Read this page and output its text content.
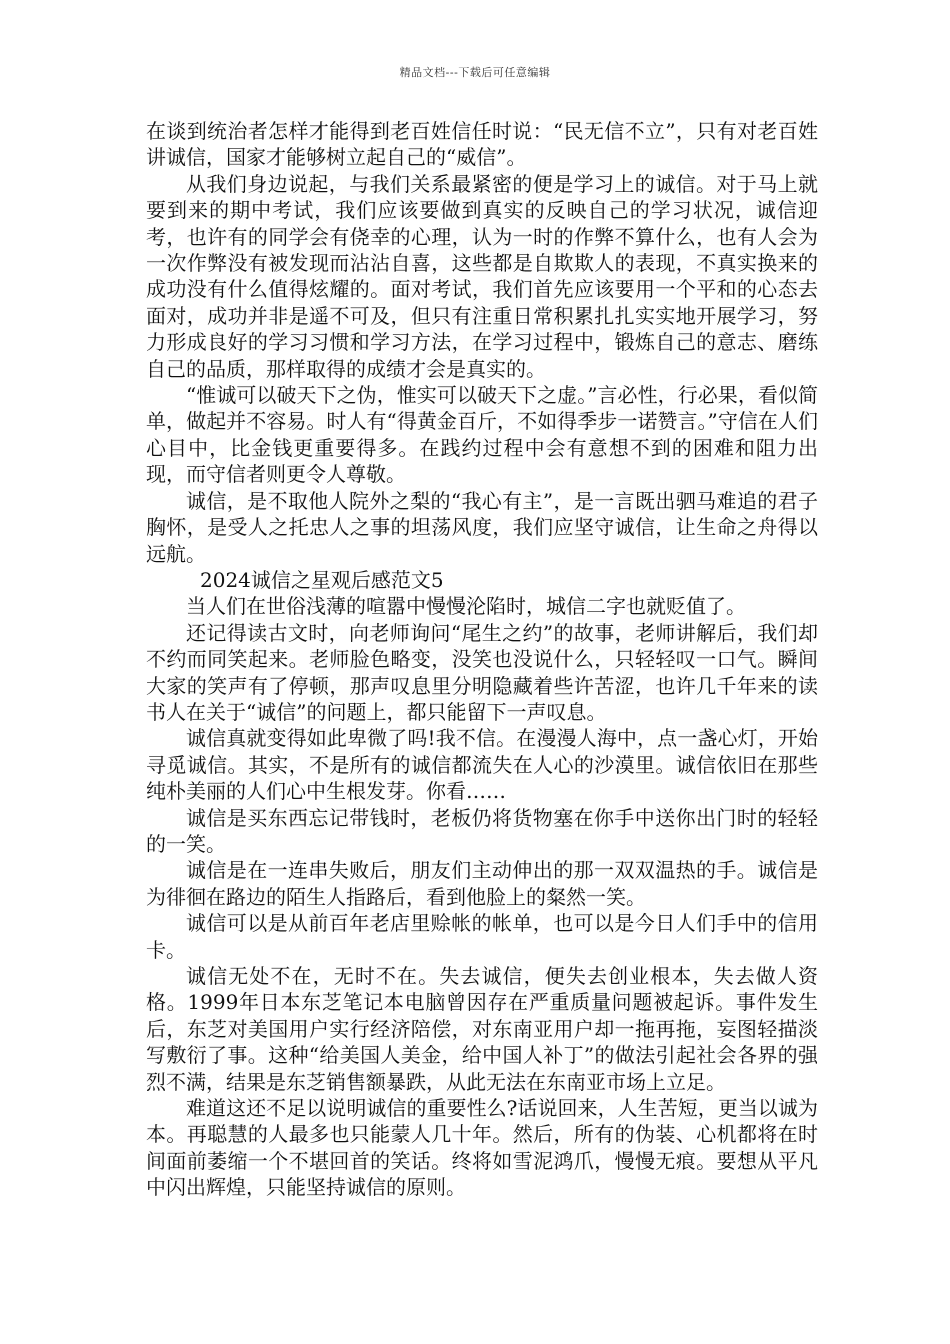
精品文档---下载后可任意编辑

在谈到统治者怎样才能得到老百姓信任时说：“民无信不立”，只有对老百姓讲诚信，国家才能够树立起自己的“威信”。

从我们身边说起，与我们关系最紧密的便是学习上的诚信。对于马上就要到来的期中考试，我们应该要做到真实的反映自己的学习状况，诚信迎考，也许有的同学会有侥幸的心理，认为一时的作弊不算什么，也有人会为一次作弊没有被发现而沾沾自喜，这些都是自欺欺人的表现，不真实换来的成功没有什么值得炫耀的。面对考试，我们首先应该要用一个平和的心态去面对，成功并非是遥不可及，但只有注重日常积累扎扎实实地开展学习，努力形成良好的学习习惯和学习方法，在学习过程中，锻炼自己的意志、磨练自己的品质，那样取得的成绩才会是真实的。

“惟诚可以破天下之伪，惟实可以破天下之虚。”言必性，行必果，看似简单，做起并不容易。时人有“得黄金百斤，不如得季步一诺赞言。”守信在人们心目中，比金钱更重要得多。在践约过程中会有意想不到的困难和阻力出现，而守信者则更令人尊敬。

诚信，是不取他人院外之梨的“我心有主”，是一言既出驷马难追的君子胸怀，是受人之托忠人之事的坦荡风度，我们应坚守诚信，让生命之舟得以远航。

2024诚信之星观后感范文5

当人们在世俗浅薄的喧嚣中慢慢沦陷时，城信二字也就贬值了。

还记得读古文时，向老师询问“尾生之约”的故事，老师讲解后，我们却不约而同笑起来。老师脸色略变，没笑也没说什么，只轻轻叹一口气。瞬间大家的笑声有了停顿，那声叹息里分明隐藏着些许苦涩，也许几千年来的读书人在关于“诚信”的问题上，都只能留下一声叹息。

诚信真就变得如此卑微了吗!我不信。在漫漫人海中，点一盏心灯，开始寻觅诚信。其实，不是所有的诚信都流失在人心的沙漠里。诚信依旧在那些纯朴美丽的人们心中生根发芽。你看……

诚信是买东西忘记带钱时，老板仍将货物塞在你手中送你出门时的轻轻的一笑。

诚信是在一连串失败后，朋友们主动伸出的那一双双温热的手。诚信是为徘徊在路边的陌生人指路后，看到他脸上的粲然一笑。

诚信可以是从前百年老店里赊帐的帐单，也可以是今日人们手中的信用卡。

诚信无处不在，无时不在。失去诚信，便失去创业根本，失去做人资格。1999年日本东芝笔记本电脑曾因存在严重质量问题被起诉。事件发生后，东芝对美国用户实行经济陪偿，对东南亚用户却一拖再拖，妄图轻描淡写敷衍了事。这种“给美国人美金，给中国人补丁”的做法引起社会各界的强烈不满，结果是东芝销售额暴跌，从此无法在东南亚市场上立足。

难道这还不足以说明诚信的重要性么?话说回来，人生苦短，更当以诚为本。再聪慧的人最多也只能蒙人几十年。然后，所有的伪装、心机都将在时间面前萎缩一个不堪回首的笑话。终将如雪泥鸿爪，慢慢无痕。要想从平凡中闪出辉煌，只能坚持诚信的原则。
